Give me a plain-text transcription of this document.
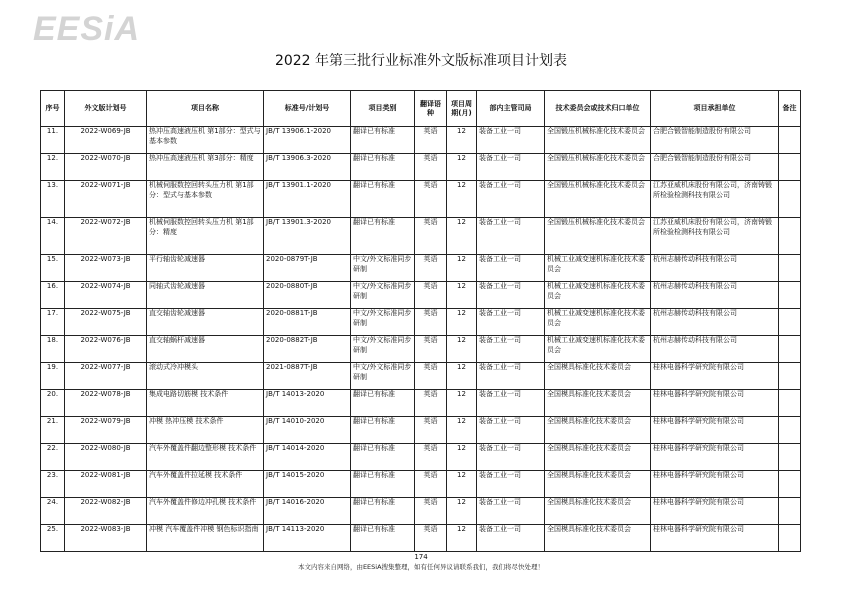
EESiA
2022 年第三批行业标准外文版标准项目计划表
序号	外文版计划号	项目名称	标准号/计划号	项目类别	翻译语种	项目周期(月)	部内主管司局	技术委员会或技术归口单位	项目承担单位	备注
11.	2022-W069-JB	热冲压高速液压机 第1部分：型式与基本参数	JB/T 13906.1-2020	翻译已有标准	英语	12	装备工业一司	全国锻压机械标准化技术委员会	合肥合锻智能制造股份有限公司	
12.	2022-W070-JB	热冲压高速液压机 第3部分：精度	JB/T 13906.3-2020	翻译已有标准	英语	12	装备工业一司	全国锻压机械标准化技术委员会	合肥合锻智能制造股份有限公司	
13.	2022-W071-JB	机械伺服数控回转头压力机 第1部分：型式与基本参数	JB/T 13901.1-2020	翻译已有标准	英语	12	装备工业一司	全国锻压机械标准化技术委员会	江苏亚威机床股份有限公司，济南铸锻所检验检测科技有限公司	
14.	2022-W072-JB	机械伺服数控回转头压力机 第1部分：精度	JB/T 13901.3-2020	翻译已有标准	英语	12	装备工业一司	全国锻压机械标准化技术委员会	江苏亚威机床股份有限公司，济南铸锻所检验检测科技有限公司	
15.	2022-W073-JB	平行轴齿轮减速器	2020-0879T-JB	中文/外文标准同步研制	英语	12	装备工业一司	机械工业减变速机标准化技术委员会	杭州志赫传动科技有限公司	
16.	2022-W074-JB	同轴式齿轮减速器	2020-0880T-JB	中文/外文标准同步研制	英语	12	装备工业一司	机械工业减变速机标准化技术委员会	杭州志赫传动科技有限公司	
17.	2022-W075-JB	直交轴齿轮减速器	2020-0881T-JB	中文/外文标准同步研制	英语	12	装备工业一司	机械工业减变速机标准化技术委员会	杭州志赫传动科技有限公司	
18.	2022-W076-JB	直交轴蜗杆减速器	2020-0882T-JB	中文/外文标准同步研制	英语	12	装备工业一司	机械工业减变速机标准化技术委员会	杭州志赫传动科技有限公司	
19.	2022-W077-JB	滚动式冷冲模头	2021-0887T-JB	中文/外文标准同步研制	英语	12	装备工业一司	全国模具标准化技术委员会	桂林电器科学研究院有限公司	
20.	2022-W078-JB	集成电路切筋模 技术条件	JB/T 14013-2020	翻译已有标准	英语	12	装备工业一司	全国模具标准化技术委员会	桂林电器科学研究院有限公司	
21.	2022-W079-JB	冲模 热冲压模 技术条件	JB/T 14010-2020	翻译已有标准	英语	12	装备工业一司	全国模具标准化技术委员会	桂林电器科学研究院有限公司	
22.	2022-W080-JB	汽车外覆盖件翻边整形模 技术条件	JB/T 14014-2020	翻译已有标准	英语	12	装备工业一司	全国模具标准化技术委员会	桂林电器科学研究院有限公司	
23.	2022-W081-JB	汽车外覆盖件拉延模 技术条件	JB/T 14015-2020	翻译已有标准	英语	12	装备工业一司	全国模具标准化技术委员会	桂林电器科学研究院有限公司	
24.	2022-W082-JB	汽车外覆盖件修边冲孔模 技术条件	JB/T 14016-2020	翻译已有标准	英语	12	装备工业一司	全国模具标准化技术委员会	桂林电器科学研究院有限公司	
25.	2022-W083-JB	冲模 汽车覆盖件冲模 钢色标识指南	JB/T 14113-2020	翻译已有标准	英语	12	装备工业一司	全国模具标准化技术委员会	桂林电器科学研究院有限公司	
174
本文内容来自网络，由EESiA搜集整理，如有任何异议请联系我们，我们将尽快处理！
